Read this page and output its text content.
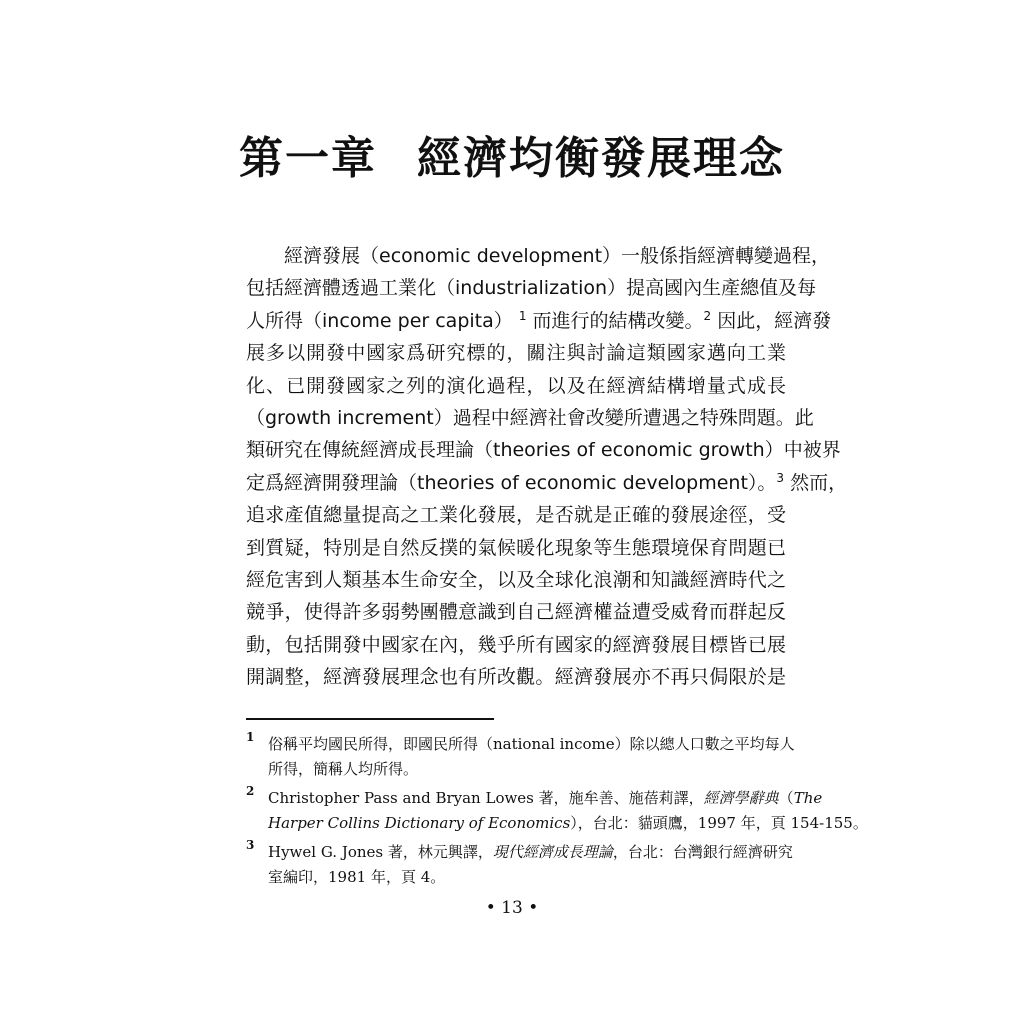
第一章 經濟均衡發展理念
經濟發展（economic development）一般係指經濟轉變過程，
包括經濟體透過工業化（industrialization）提高國內生產總值及每
人所得（income per capita） $^1$ 而進行的結構改變。$^2$ 因此，經濟發
展多以開發中國家爲研究標的，關注與討論這類國家邁向工業
化、已開發國家之列的演化過程，以及在經濟結構增量式成長
（growth increment）過程中經濟社會改變所遭遇之特殊問題。此
類研究在傳統經濟成長理論（theories of economic growth）中被界
定爲經濟開發理論（theories of economic development）。$^3$ 然而，
追求產值總量提高之工業化發展，是否就是正確的發展途徑，受
到質疑，特別是自然反撲的氣候暖化現象等生態環境保育問題已
經危害到人類基本生命安全，以及全球化浪潮和知識經濟時代之
競爭，使得許多弱勢團體意識到自己經濟權益遭受威脅而群起反
動，包括開發中國家在內，幾乎所有國家的經濟發展目標皆已展
開調整，經濟發展理念也有所改觀。經濟發展亦不再只侷限於是
1 俗稱平均國民所得，即國民所得（national income）除以總人口數之平均每人
所得，簡稱人均所得。
2 Christopher Pass and Bryan Lowes 著，施牟善、施蓓莉譯，經濟學辭典（The
Harper Collins Dictionary of Economics），台北：貓頭鷹，1997 年，頁 154-155。
3 Hywel G. Jones 著，林元興譯，現代經濟成長理論，台北：台灣銀行經濟研究
室編印，1981 年，頁 4。
• 13 •
